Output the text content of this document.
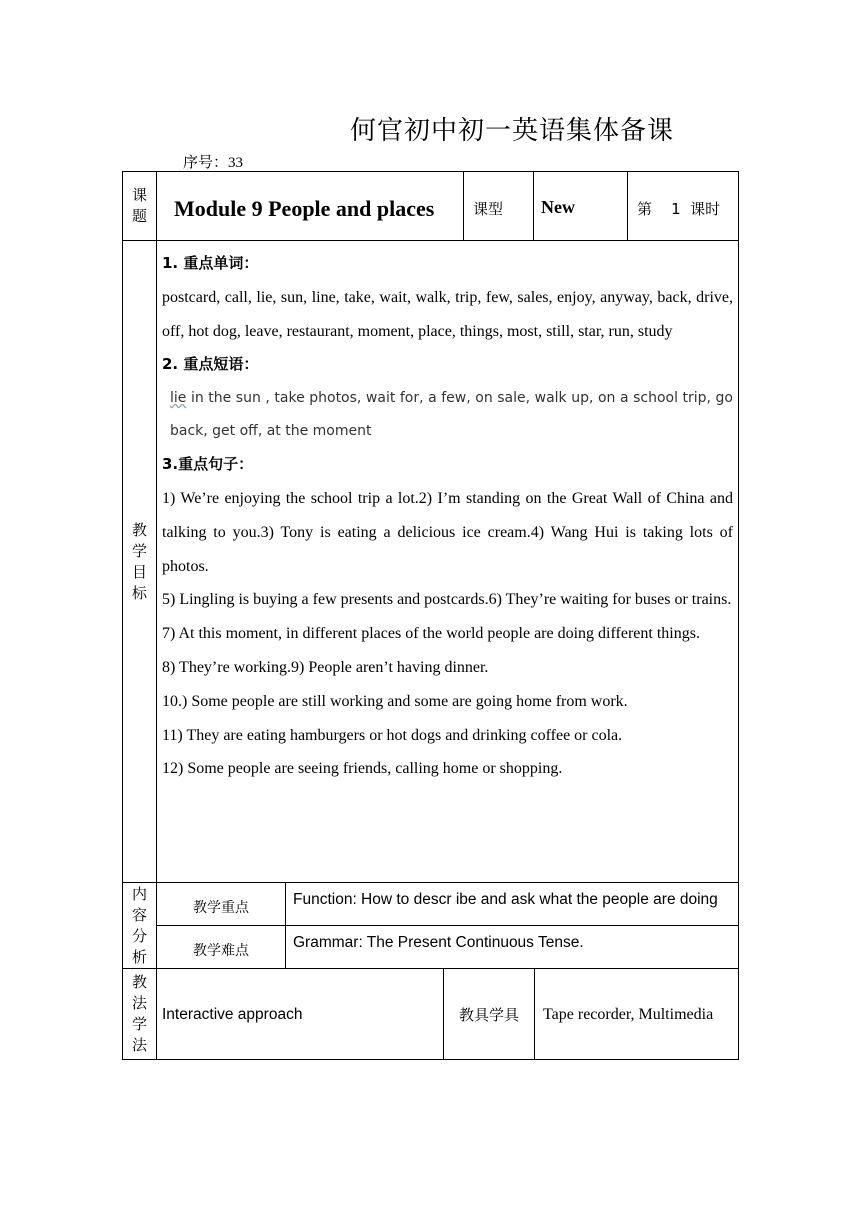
何官初中初一英语集体备课
序号：33
课题	Module 9 People and places	课型	New	第    1  课时
教学目标

1. 重点单词：

postcard, call, lie, sun, line, take, wait, walk, trip, few, sales, enjoy, anyway, back, drive, off, hot dog, leave, restaurant, moment, place, things, most, still, star, run, study

2. 重点短语：

lie in the sun , take photos, wait for, a few, on sale, walk up, on a school trip, go back, get off, at the moment

3.重点句子：

1) We’re enjoying the school trip a lot.2) I’m standing on the Great Wall of China and talking to you.3) Tony is eating a delicious ice cream.4) Wang Hui is taking lots of photos.

5) Lingling is buying a few presents and postcards.6) They’re waiting for buses or trains.

7) At this moment, in different places of the world people are doing different things.

8) They’re working.9) People aren’t having dinner.

10.) Some people are still working and some are going home from work.

11) They are eating hamburgers or hot dogs and drinking coffee or cola.

12) Some people are seeing friends, calling home or shopping.

内容分析
教学重点	Function: How to descr ibe and ask what the people are doing
教学难点	Grammar: The Present Continuous Tense.
教法学法
Interactive approach	教具学具	Tape recorder, Multimedia
